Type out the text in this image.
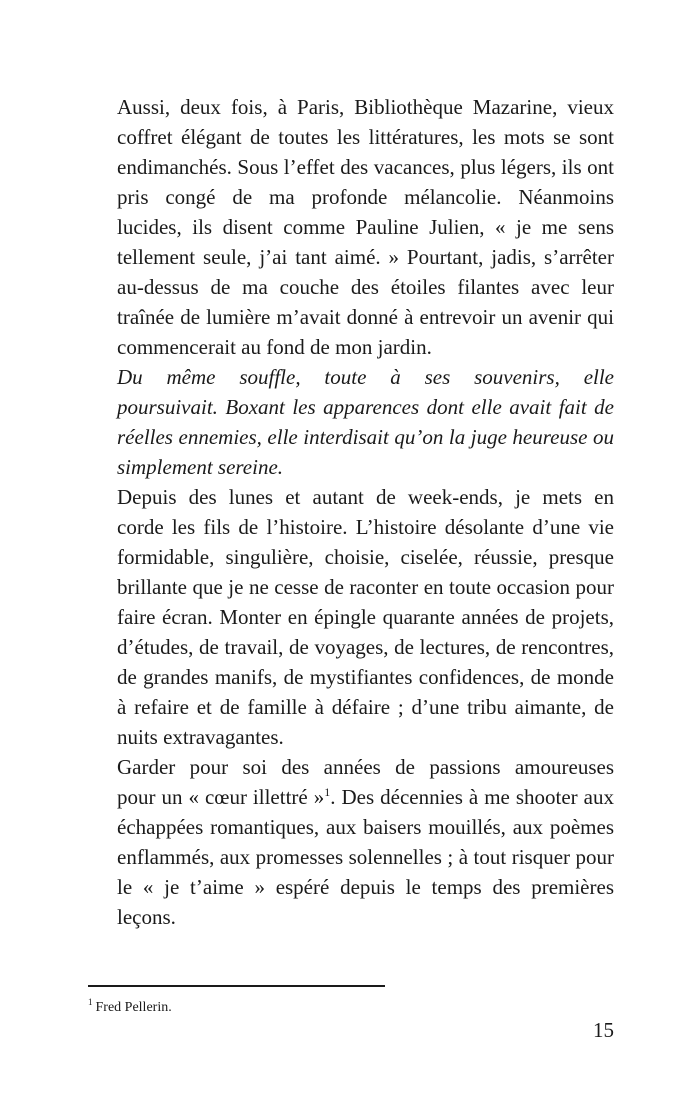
Aussi, deux fois, à Paris, Bibliothèque Mazarine, vieux
coffret élégant de toutes les littératures, les mots se sont
endimanchés. Sous l’effet des vacances, plus légers, ils ont
pris congé de ma profonde mélancolie. Néanmoins
lucides, ils disent comme Pauline Julien, « je me sens
tellement seule, j’ai tant aimé. » Pourtant, jadis, s’arrêter
au-dessus de ma couche des étoiles filantes avec leur
traînée de lumière m’avait donné à entrevoir un avenir qui
commencerait au fond de mon jardin.

Du même souffle, toute à ses souvenirs, elle
poursuivait. Boxant les apparences dont elle avait fait de
réelles ennemies, elle interdisait qu’on la juge heureuse ou
simplement sereine.

Depuis des lunes et autant de week-ends, je mets en
corde les fils de l’histoire. L’histoire désolante d’une vie
formidable, singulière, choisie, ciselée, réussie, presque
brillante que je ne cesse de raconter en toute occasion pour
faire écran. Monter en épingle quarante années de projets,
d’études, de travail, de voyages, de lectures, de rencontres,
de grandes manifs, de mystifiantes confidences, de monde
à refaire et de famille à défaire ; d’une tribu aimante, de
nuits extravagantes.

Garder pour soi des années de passions amoureuses
pour un « cœur illettré »$^1$. Des décennies à me shooter aux
échappées romantiques, aux baisers mouillés, aux poèmes
enflammés, aux promesses solennelles ; à tout risquer pour
le « je t’aime » espéré depuis le temps des premières
leçons.

$^1$ Fred Pellerin.
15
